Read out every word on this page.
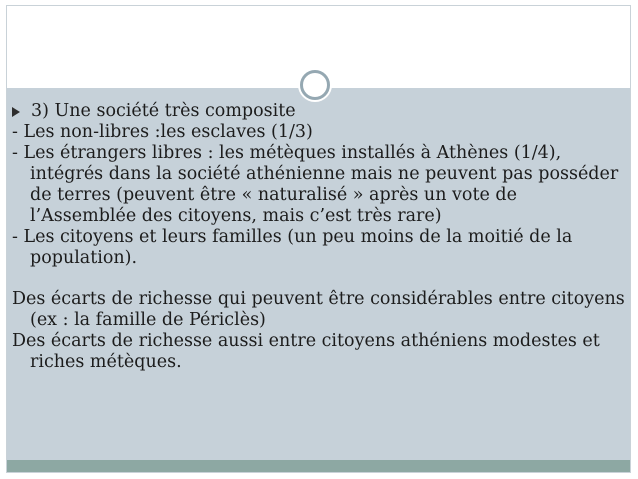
3) Une société très composite
- Les non-libres :les esclaves (1/3)
- Les étrangers libres : les métèques installés à Athènes (1/4), intégrés dans la société athénienne mais ne peuvent pas posséder de terres (peuvent être « naturalisé » après un vote de l’Assemblée des citoyens, mais c’est très rare)
- Les citoyens et leurs familles (un peu moins de la moitié de la population).
Des écarts de richesse qui peuvent être considérables entre citoyens (ex : la famille de Périclès)
Des écarts de richesse aussi entre citoyens athéniens modestes et riches métèques.
